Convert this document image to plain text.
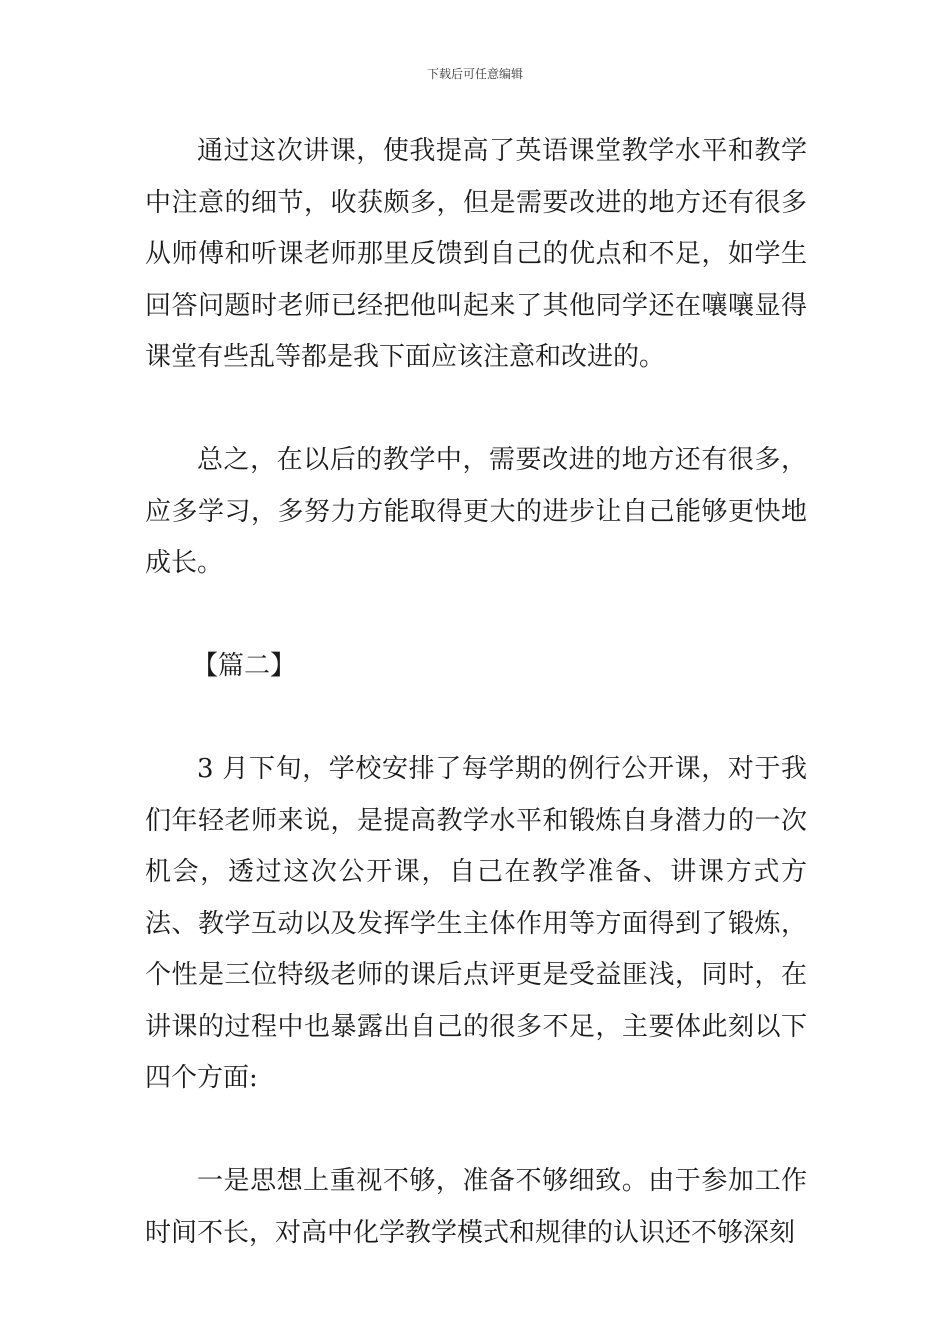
下载后可任意编辑

通过这次讲课，使我提高了英语课堂教学水平和教学中注意的细节，收获颇多，但是需要改进的地方还有很多从师傅和听课老师那里反馈到自己的优点和不足，如学生回答问题时老师已经把他叫起来了其他同学还在嚷嚷显得课堂有些乱等都是我下面应该注意和改进的。

总之，在以后的教学中，需要改进的地方还有很多，应多学习，多努力方能取得更大的进步让自己能够更快地成长。

【篇二】

3 月下旬，学校安排了每学期的例行公开课，对于我们年轻老师来说，是提高教学水平和锻炼自身潜力的一次机会，透过这次公开课，自己在教学准备、讲课方式方法、教学互动以及发挥学生主体作用等方面得到了锻炼，个性是三位特级老师的课后点评更是受益匪浅，同时，在讲课的过程中也暴露出自己的很多不足，主要体此刻以下四个方面:

一是思想上重视不够，准备不够细致。由于参加工作时间不长，对高中化学教学模式和规律的认识还不够深刻
